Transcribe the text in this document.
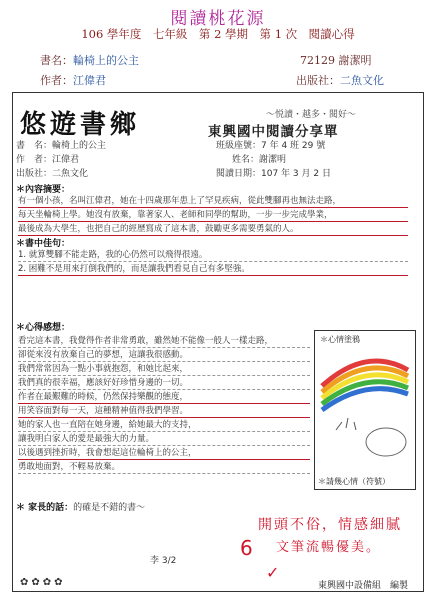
閱讀桃花源
106 學年度　七年級　第 2 學期　第 1 次　閱讀心得
書名：輪椅上的公主	72129 謝潔明
作者：江偉君	出版社：二魚文化
悠遊書鄉	～悦讀・越多・閱好～
東興國中閱讀分享單
書　名：輪椅上的公主	班級座號：7 年 4 班 29 號
作　者：江偉君	姓名：謝潔明
出版社：二魚文化	閱讀日期：107 年 3 月 2 日
＊內容摘要：
有一個小孩，名叫江偉君，她在十四歲那年患上了罕見疾病，從此雙腳再也無法走路，
每天坐輪椅上學。她沒有放棄，靠著家人、老師和同學的幫助，一步一步完成學業，
最後成為大學生，也把自己的經歷寫成了這本書，鼓勵更多需要勇氣的人。
＊書中佳句：
1. 就算雙腳不能走路，我的心仍然可以飛得很遠。
2. 困難不是用來打倒我們的，而是讓我們看見自己有多堅強。
＊心得感想：
看完這本書，我覺得作者非常勇敢，雖然她不能像一般人一樣走路，
卻從來沒有放棄自己的夢想，這讓我很感動。
我們常常因為一點小事就抱怨，和她比起來，
我們真的很幸福，應該好好珍惜身邊的一切。
作者在最艱難的時候，仍然保持樂觀的態度，
用笑容面對每一天，這種精神值得我們學習。
她的家人也一直陪在她身邊，給她最大的支持，
讓我明白家人的愛是最強大的力量。
以後遇到挫折時，我會想起這位輪椅上的公主，
勇敢地面對，不輕易放棄。
＊心情塗鴉
＊請幾心情（符號）
＊ 家長的話：的確是不錯的書～
開頭不俗，情感細膩
6 文筆流暢優美。
✓
李 3/2
✿✿✿✿	東興國中設備組　編製
